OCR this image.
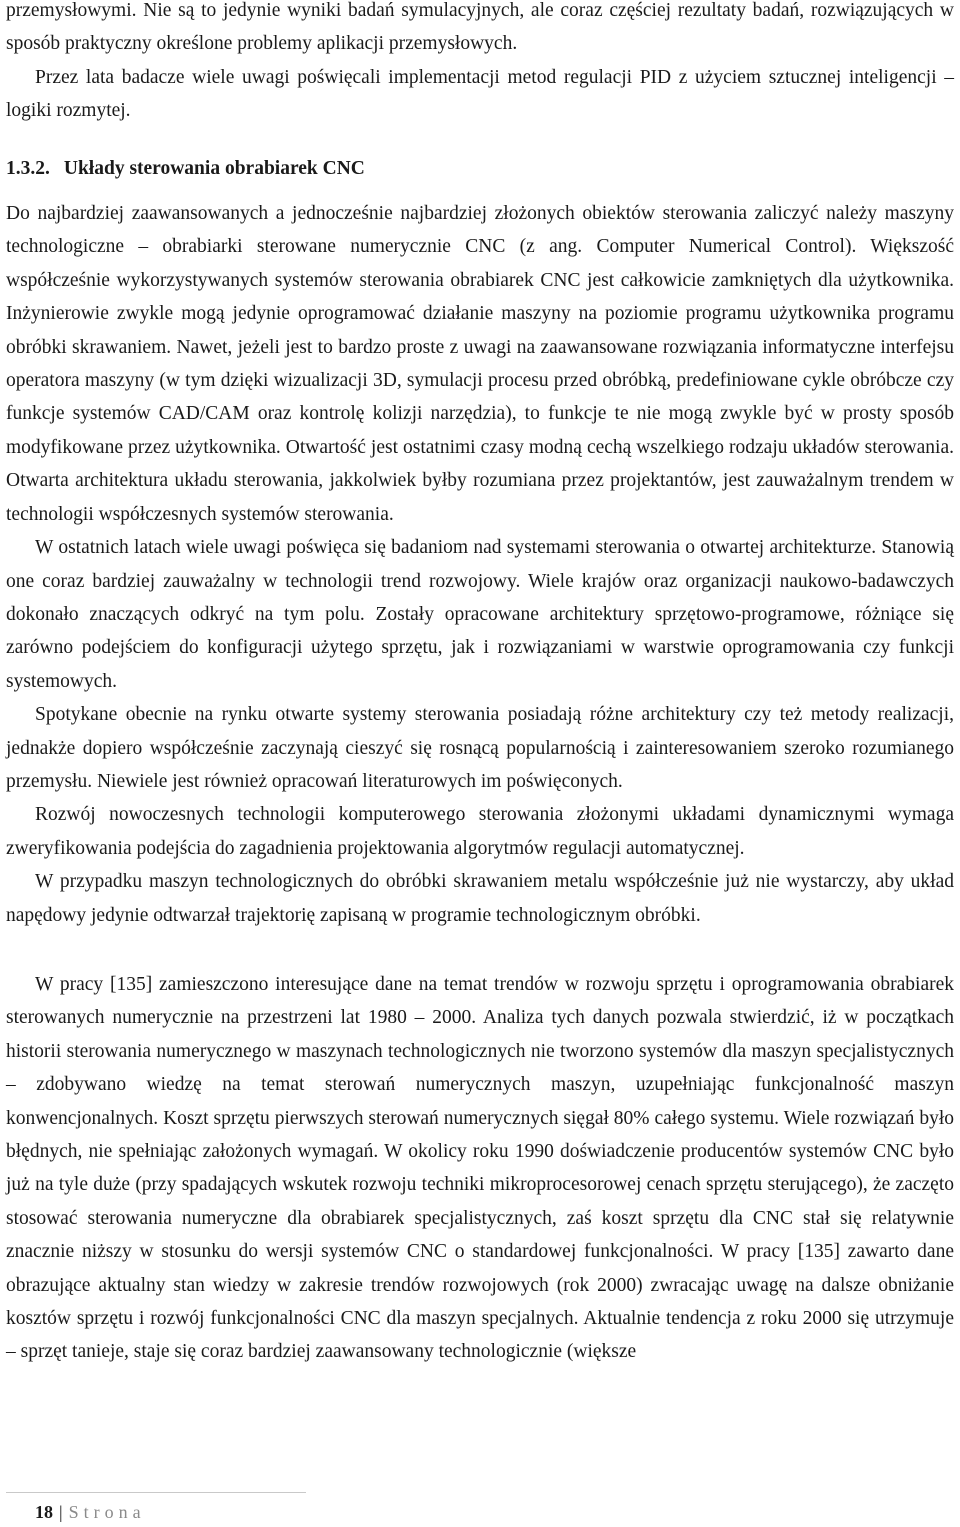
przemysłowymi. Nie są to jedynie wyniki badań symulacyjnych, ale coraz częściej rezultaty badań, rozwiązujących w sposób praktyczny określone problemy aplikacji przemysłowych.

Przez lata badacze wiele uwagi poświęcali implementacji metod regulacji PID z użyciem sztucznej inteligencji – logiki rozmytej.

1.3.2. Układy sterowania obrabiarek CNC

Do najbardziej zaawansowanych a jednocześnie najbardziej złożonych obiektów sterowania zaliczyć należy maszyny technologiczne – obrabiarki sterowane numerycznie CNC (z ang. Computer Numerical Control). Większość współcześnie wykorzystywanych systemów sterowania obrabiarek CNC jest całkowicie zamkniętych dla użytkownika. Inżynierowie zwykle mogą jedynie oprogramować działanie maszyny na poziomie programu użytkownika programu obróbki skrawaniem. Nawet, jeżeli jest to bardzo proste z uwagi na zaawansowane rozwiązania informatyczne interfejsu operatora maszyny (w tym dzięki wizualizacji 3D, symulacji procesu przed obróbką, predefiniowane cykle obróbcze czy funkcje systemów CAD/CAM oraz kontrolę kolizji narzędzia), to funkcje te nie mogą zwykle być w prosty sposób modyfikowane przez użytkownika. Otwartość jest ostatnimi czasy modną cechą wszelkiego rodzaju układów sterowania. Otwarta architektura układu sterowania, jakkolwiek byłby rozumiana przez projektantów, jest zauważalnym trendem w technologii współczesnych systemów sterowania.

W ostatnich latach wiele uwagi poświęca się badaniom nad systemami sterowania o otwartej architekturze. Stanowią one coraz bardziej zauważalny w technologii trend rozwojowy. Wiele krajów oraz organizacji naukowo-badawczych dokonało znaczących odkryć na tym polu. Zostały opracowane architektury sprzętowo-programowe, różniące się zarówno podejściem do konfiguracji użytego sprzętu, jak i rozwiązaniami w warstwie oprogramowania czy funkcji systemowych.

Spotykane obecnie na rynku otwarte systemy sterowania posiadają różne architektury czy też metody realizacji, jednakże dopiero współcześnie zaczynają cieszyć się rosnącą popularnością i zainteresowaniem szeroko rozumianego przemysłu. Niewiele jest również opracowań literaturowych im poświęconych.

Rozwój nowoczesnych technologii komputerowego sterowania złożonymi układami dynamicznymi wymaga zweryfikowania podejścia do zagadnienia projektowania algorytmów regulacji automatycznej.

W przypadku maszyn technologicznych do obróbki skrawaniem metalu współcześnie już nie wystarczy, aby układ napędowy jedynie odtwarzał trajektorię zapisaną w programie technologicznym obróbki.

W pracy [135] zamieszczono interesujące dane na temat trendów w rozwoju sprzętu i oprogramowania obrabiarek sterowanych numerycznie na przestrzeni lat 1980 – 2000. Analiza tych danych pozwala stwierdzić, iż w początkach historii sterowania numerycznego w maszynach technologicznych nie tworzono systemów dla maszyn specjalistycznych – zdobywano wiedzę na temat sterowań numerycznych maszyn, uzupełniając funkcjonalność maszyn konwencjonalnych. Koszt sprzętu pierwszych sterowań numerycznych sięgał 80% całego systemu. Wiele rozwiązań było błędnych, nie spełniając założonych wymagań. W okolicy roku 1990 doświadczenie producentów systemów CNC było już na tyle duże (przy spadających wskutek rozwoju techniki mikroprocesorowej cenach sprzętu sterującego), że zaczęto stosować sterowania numeryczne dla obrabiarek specjalistycznych, zaś koszt sprzętu dla CNC stał się relatywnie znacznie niższy w stosunku do wersji systemów CNC o standardowej funkcjonalności. W pracy [135] zawarto dane obrazujące aktualny stan wiedzy w zakresie trendów rozwojowych (rok 2000) zwracając uwagę na dalsze obniżanie kosztów sprzętu i rozwój funkcjonalności CNC dla maszyn specjalnych. Aktualnie tendencja z roku 2000 się utrzymuje – sprzęt tanieje, staje się coraz bardziej zaawansowany technologicznie (większe

18 | Strona
